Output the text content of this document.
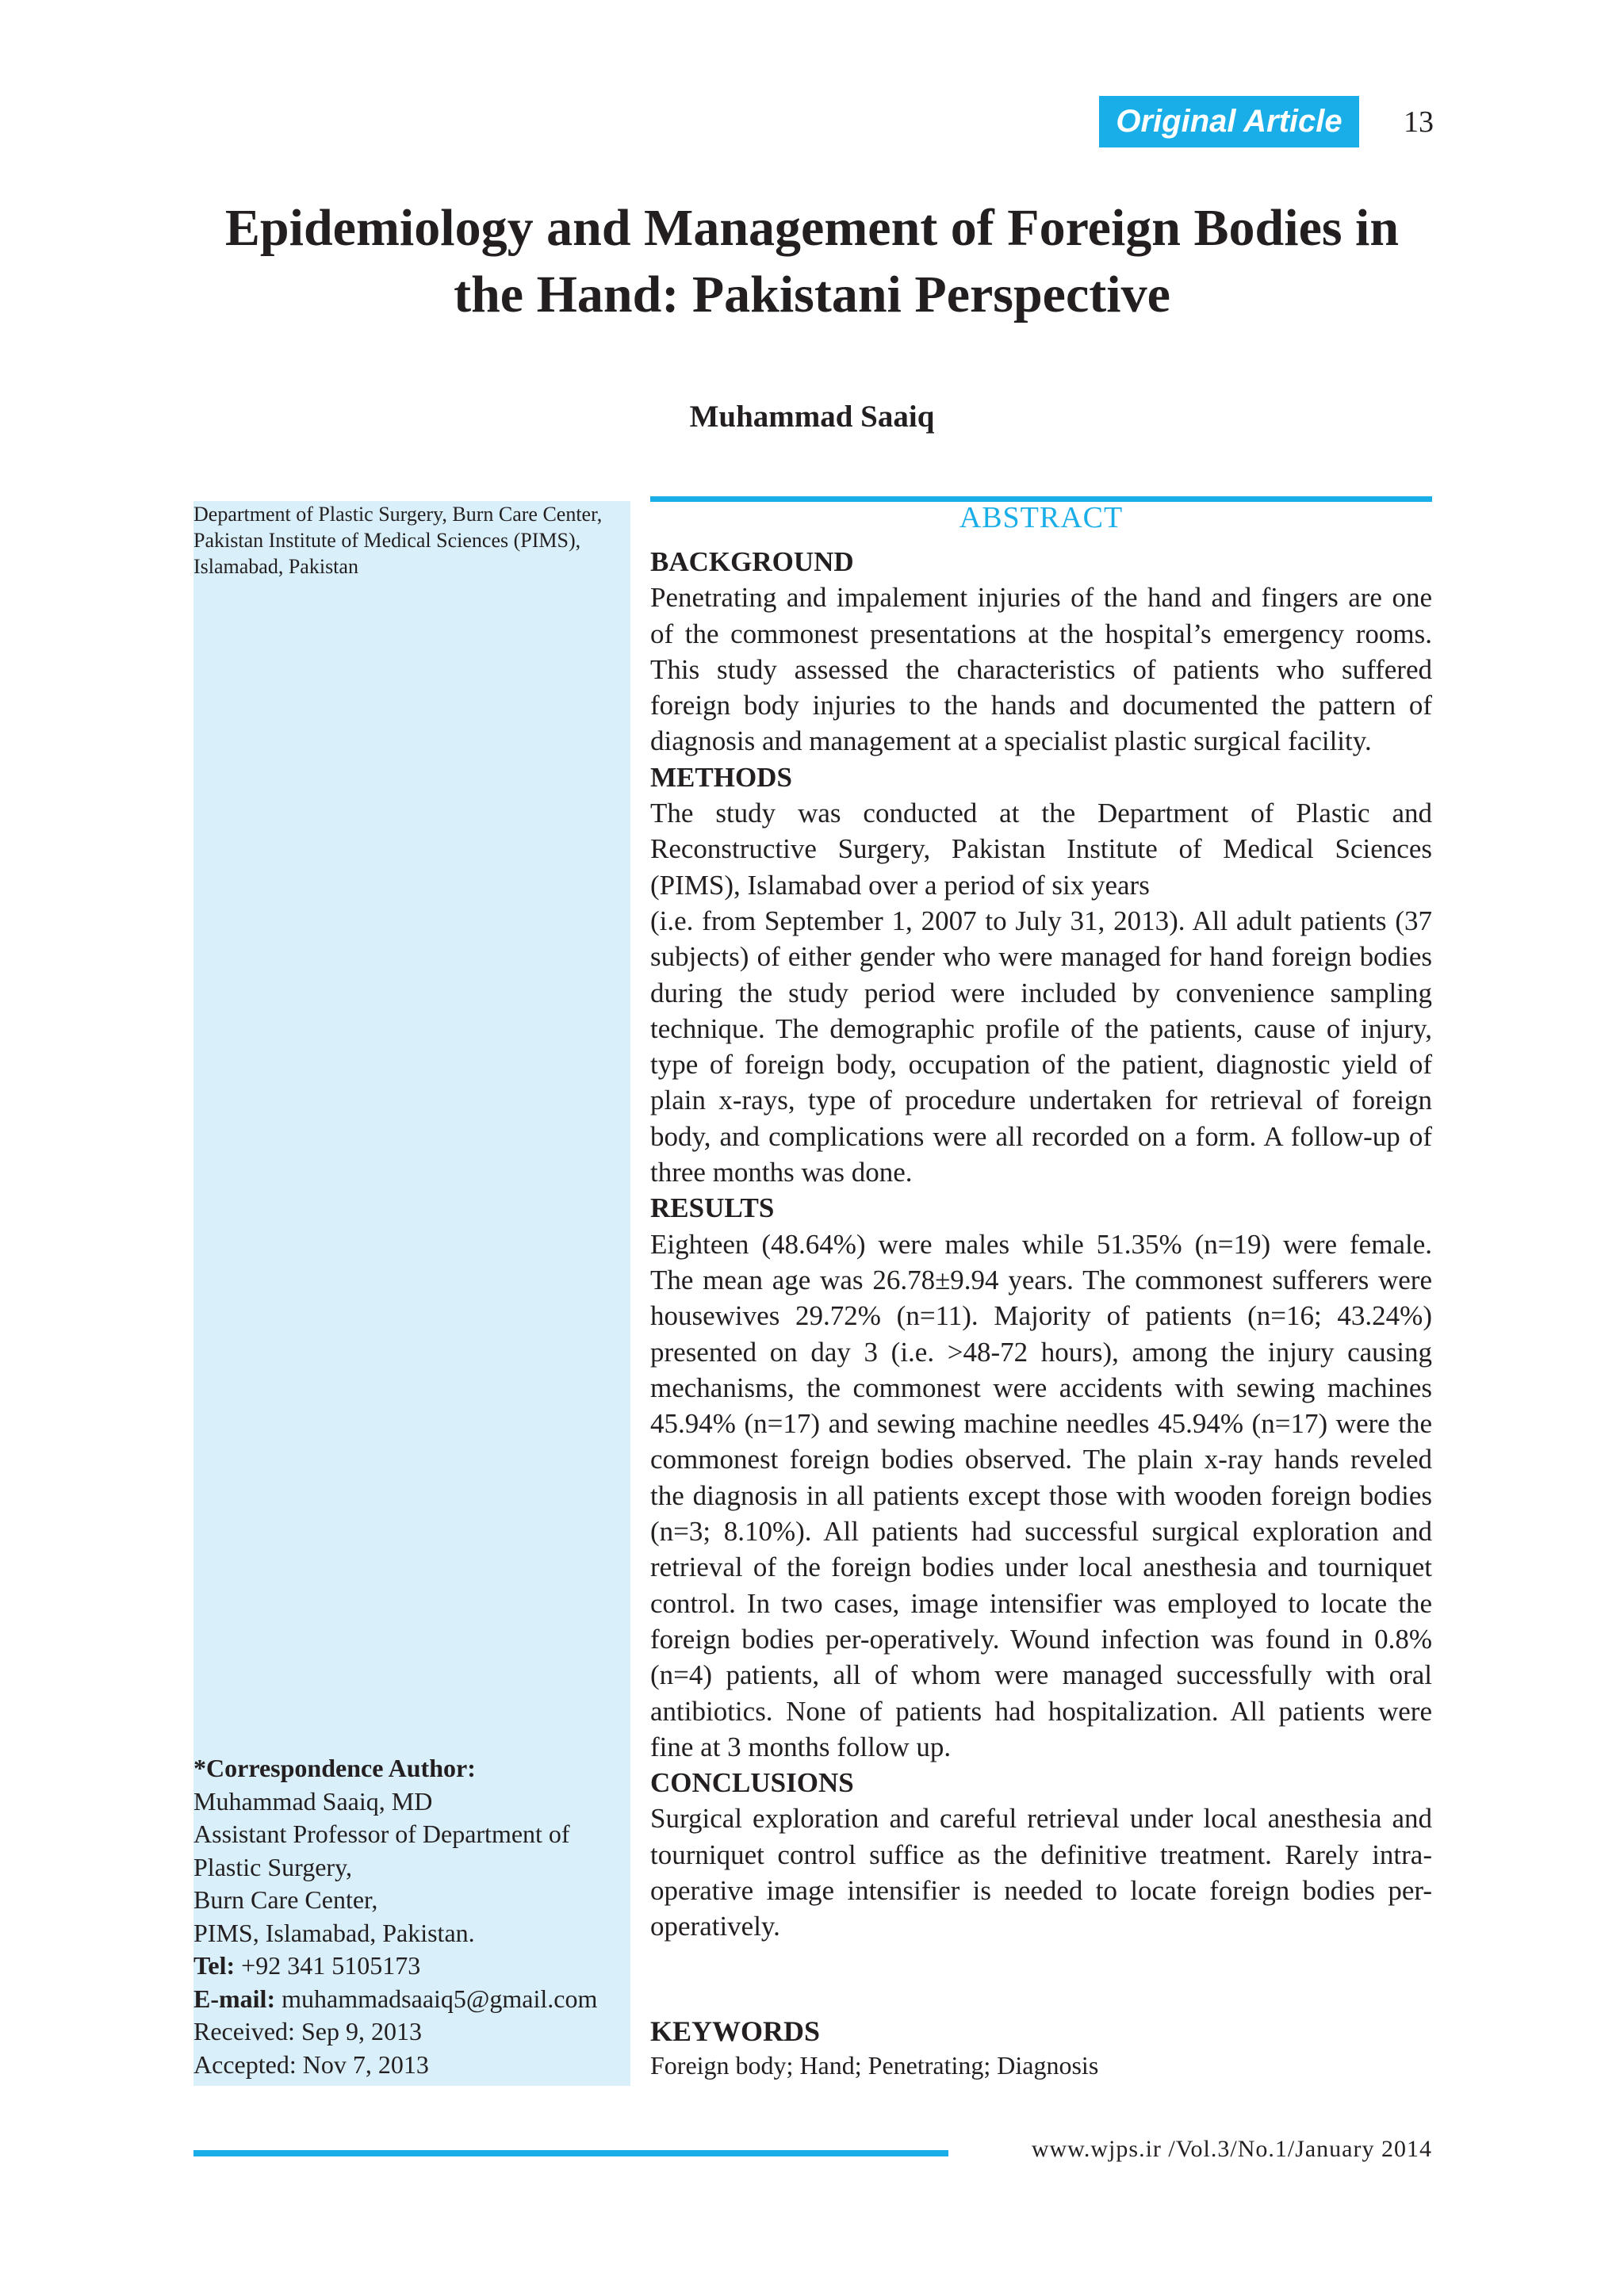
Original Article	13
Epidemiology and Management of Foreign Bodies in
the Hand: Pakistani Perspective

Muhammad Saaiq

Department of Plastic Surgery, Burn Care Center,
Pakistan Institute of Medical Sciences (PIMS),
Islamabad, Pakistan
*Correspondence Author:
Muhammad Saaiq, MD
Assistant Professor of Department of
Plastic Surgery,
Burn Care Center,
PIMS, Islamabad, Pakistan.
Tel: +92 341 5105173
E-mail: muhammadsaaiq5@gmail.com
Received: Sep 9, 2013
Accepted: Nov 7, 2013
ABSTRACT
BACKGROUND
Penetrating and impalement injuries of the hand and fingers are one of the commonest presentations at the hospital’s emergency rooms. This study assessed the characteristics of patients who suffered foreign body injuries to the hands and documented the pattern of diagnosis and management at a specialist plastic surgical facility.
METHODS
The study was conducted at the Department of Plastic and Reconstructive Surgery, Pakistan Institute of Medical Sciences (PIMS), Islamabad over a period of six years
(i.e. from September 1, 2007 to July 31, 2013). All adult patients (37 subjects) of either gender who were managed for hand foreign bodies during the study period were included by convenience sampling technique. The demographic profile of the patients, cause of injury, type of foreign body, occupation of the patient, diagnostic yield of plain x-rays, type of procedure undertaken for retrieval of foreign body, and complications were all recorded on a form. A follow-up of three months was done.
RESULTS
Eighteen (48.64%) were males while 51.35% (n=19) were female. The mean age was 26.78±9.94 years. The commonest sufferers were housewives 29.72% (n=11). Majority of patients (n=16; 43.24%) presented on day 3 (i.e. >48-72 hours), among the injury causing mechanisms, the commonest were accidents with sewing machines 45.94% (n=17) and sewing machine needles 45.94% (n=17) were the commonest foreign bodies observed. The plain x-ray hands reveled the diagnosis in all patients except those with wooden foreign bodies (n=3; 8.10%). All patients had successful surgical exploration and retrieval of the foreign bodies under local anesthesia and tourniquet control. In two cases, image intensifier was employed to locate the foreign bodies per-operatively. Wound infection was found in 0.8% (n=4) patients, all of whom were managed successfully with oral antibiotics. None of patients had hospitalization. All patients were fine at 3 months follow up.
CONCLUSIONS
Surgical exploration and careful retrieval under local anesthesia and tourniquet control suffice as the definitive treatment. Rarely intra-operative image intensifier is needed to locate foreign bodies per-operatively.
KEYWORDS
Foreign body; Hand; Penetrating; Diagnosis
www.wjps.ir /Vol.3/No.1/January 2014
